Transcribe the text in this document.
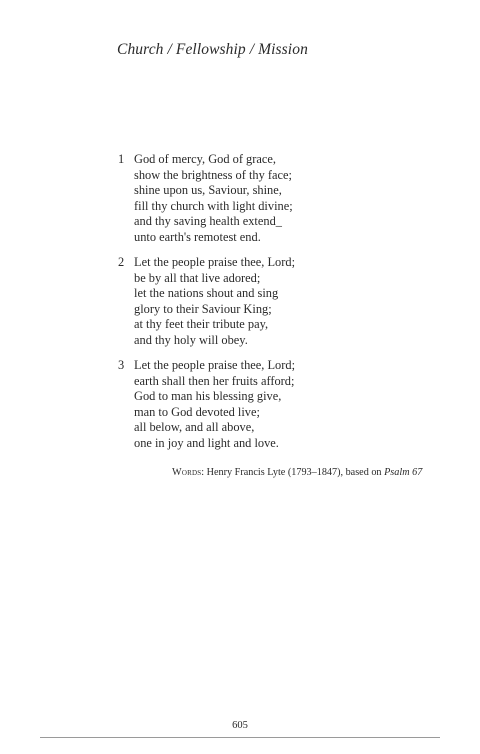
Church / Fellowship / Mission
1 God of mercy, God of grace,
show the brightness of thy face;
shine upon us, Saviour, shine,
fill thy church with light divine;
and thy saving health extend_
unto earth's remotest end.
2 Let the people praise thee, Lord;
be by all that live adored;
let the nations shout and sing
glory to their Saviour King;
at thy feet their tribute pay,
and thy holy will obey.
3 Let the people praise thee, Lord;
earth shall then her fruits afford;
God to man his blessing give,
man to God devoted live;
all below, and all above,
one in joy and light and love.
Words: Henry Francis Lyte (1793–1847), based on Psalm 67
605
